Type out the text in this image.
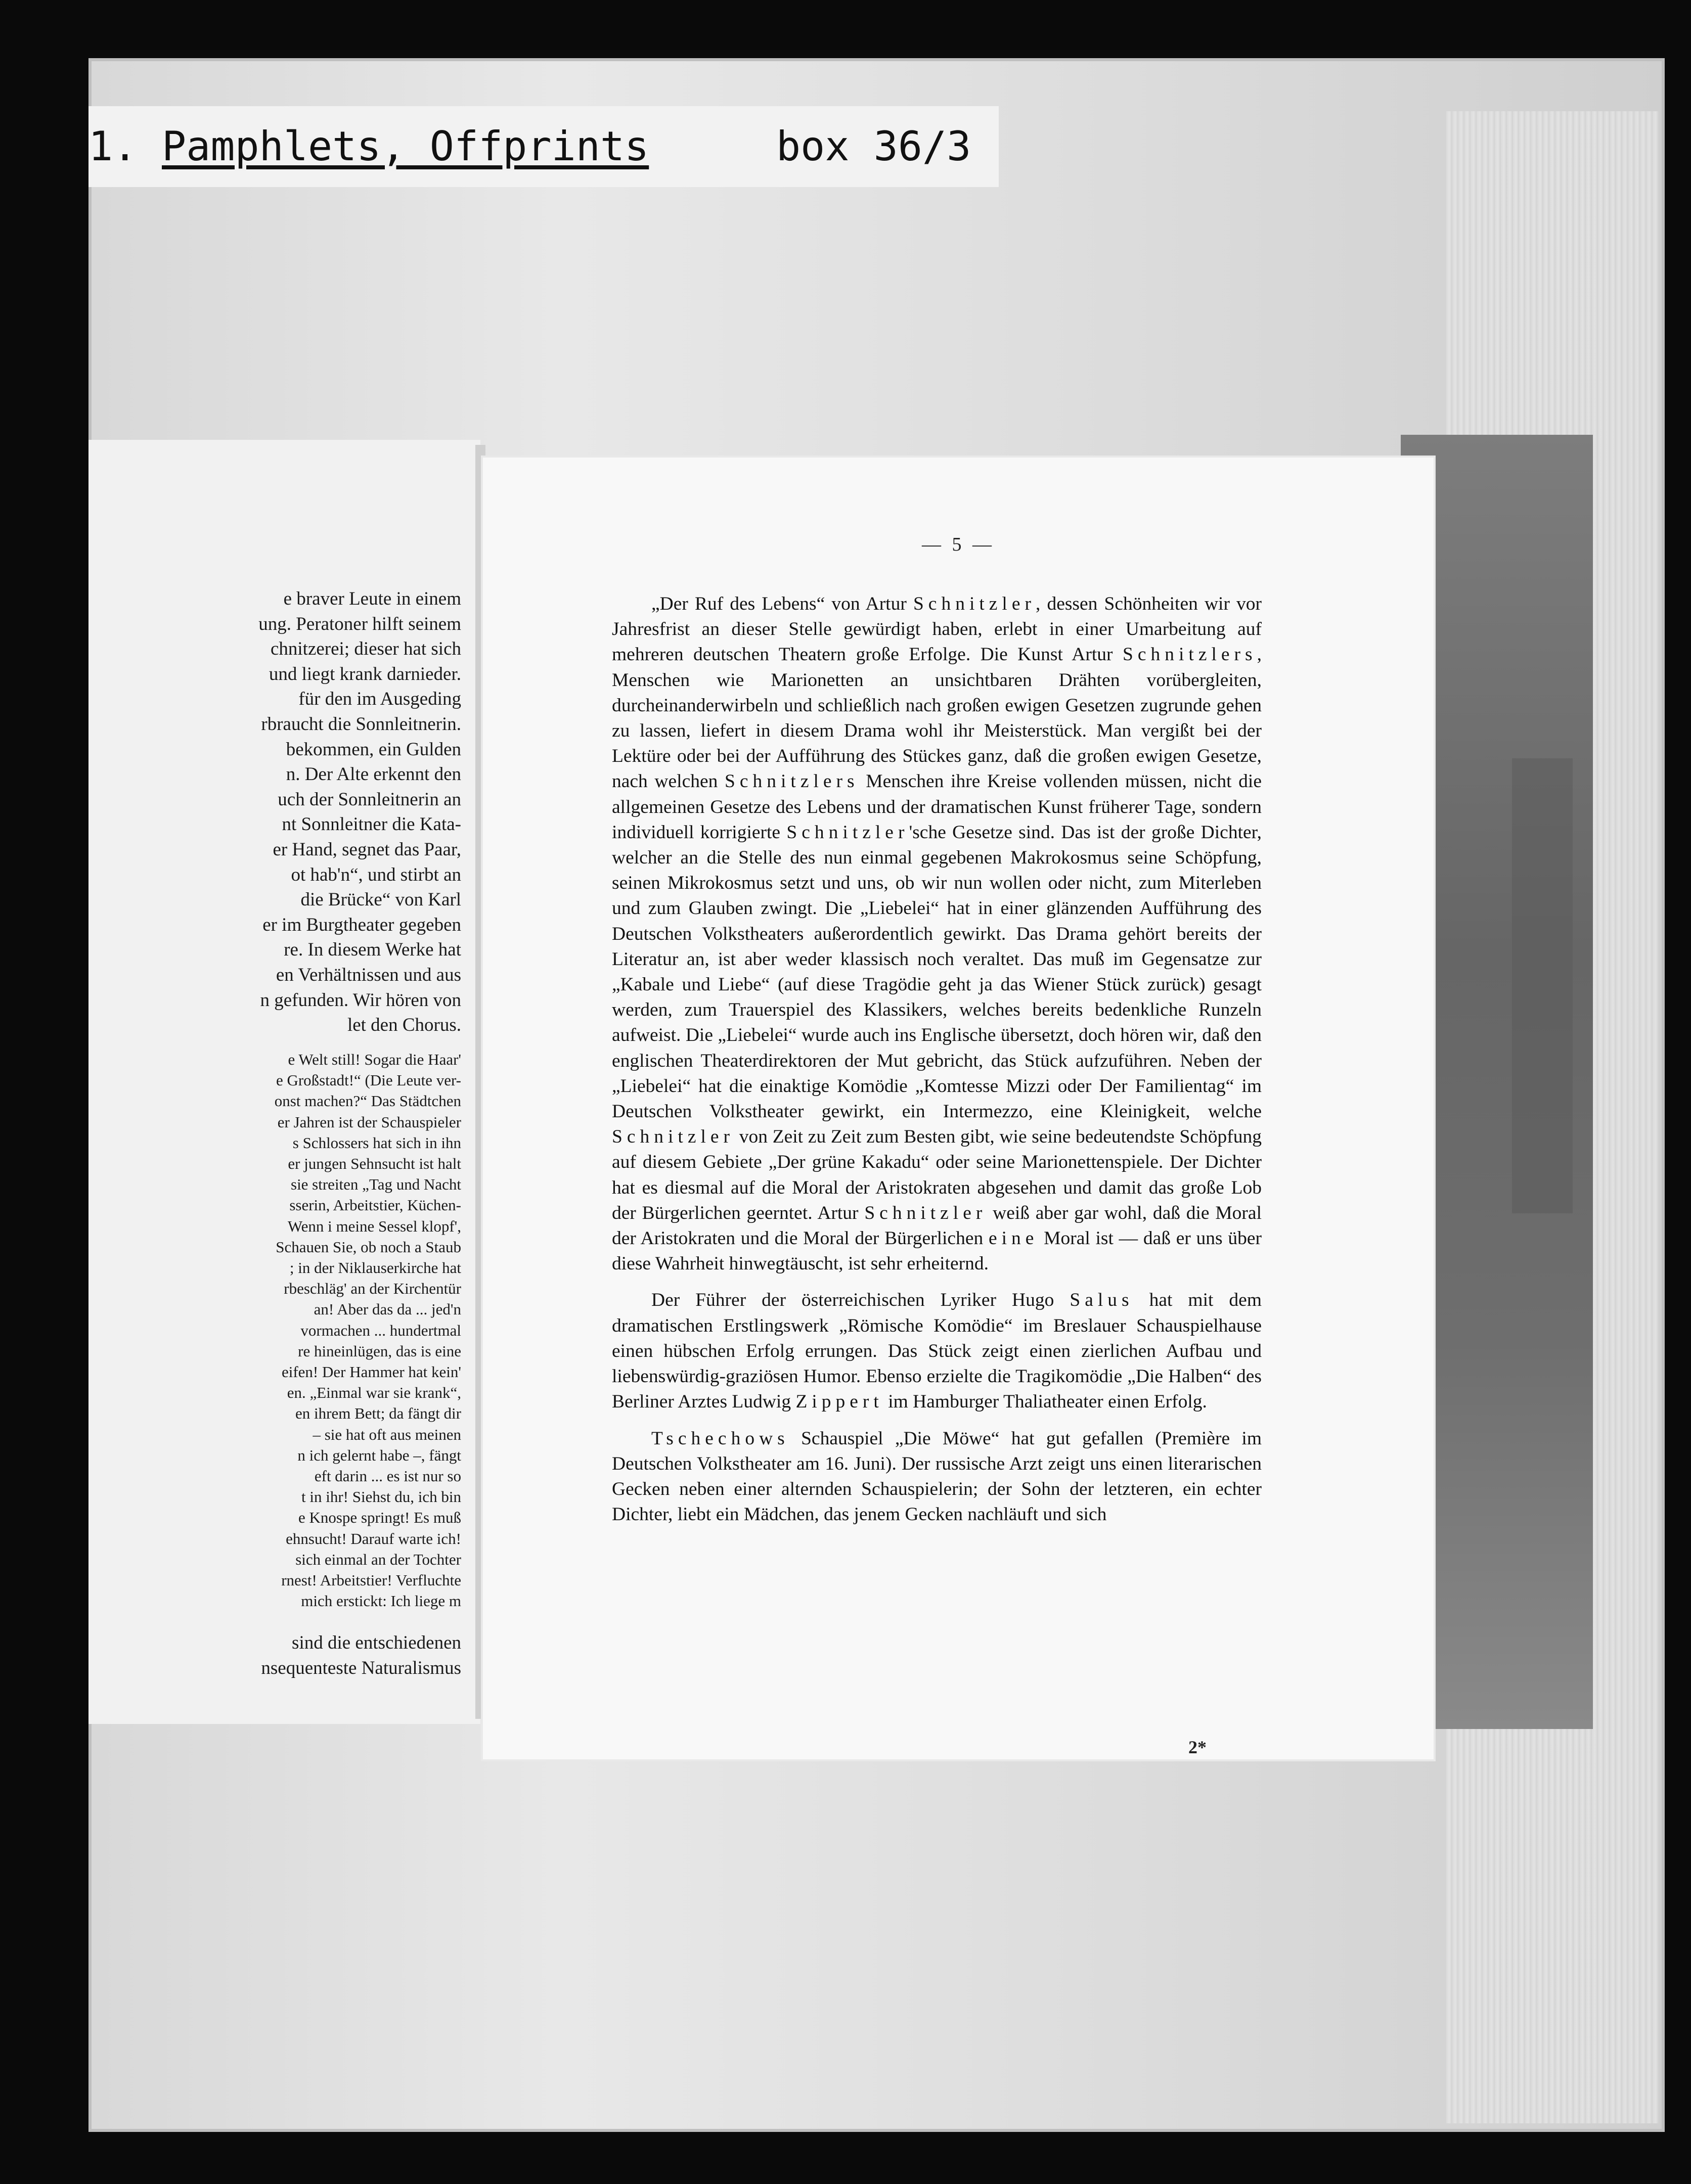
1. Pamphlets, Offprints	box 36/3
e braver Leute in einem
ung. Peratoner hilft seinem
chnitzerei; dieser hat sich
und liegt krank darnieder.
für den im Ausgeding
rbraucht die Sonnleitnerin.
bekommen, ein Gulden
n. Der Alte erkennt den
uch der Sonnleitnerin an
nt Sonnleitner die Kata-
er Hand, segnet das Paar,
ot hab'n“, und stirbt an
die Brücke“ von Karl
er im Burgtheater gegeben
re. In diesem Werke hat
en Verhältnissen und aus
n gefunden. Wir hören von
let den Chorus.
e Welt still! Sogar die Haar'
e Großstadt!“ (Die Leute ver-
onst machen?“ Das Städtchen
er Jahren ist der Schauspieler
s Schlossers hat sich in ihn
er jungen Sehnsucht ist halt
sie streiten „Tag und Nacht
sserin, Arbeitstier, Küchen-
Wenn i meine Sessel klopf',
Schauen Sie, ob noch a Staub
; in der Niklauserkirche hat
rbeschläg' an der Kirchentür
an! Aber das da ... jed'n
vormachen ... hundertmal
re hineinlügen, das is eine
eifen! Der Hammer hat kein'
en. „Einmal war sie krank“,
en ihrem Bett; da fängt dir
– sie hat oft aus meinen
n ich gelernt habe –, fängt
eft darin ... es ist nur so
t in ihr! Siehst du, ich bin
e Knospe springt! Es muß
ehnsucht! Darauf warte ich!
sich einmal an der Tochter
rnest! Arbeitstier! Verfluchte
mich erstickt: Ich liege m
sind die entschiedenen
nsequenteste Naturalismus
— 5 —

„Der Ruf des Lebens“ von Artur Schnitzler, dessen Schönheiten wir vor Jahresfrist an dieser Stelle gewürdigt haben, erlebt in einer Umarbeitung auf mehreren deutschen Theatern große Erfolge. Die Kunst Artur Schnitzlers, Menschen wie Marionetten an unsichtbaren Drähten vorübergleiten, durcheinanderwirbeln und schließlich nach großen ewigen Gesetzen zugrunde gehen zu lassen, liefert in diesem Drama wohl ihr Meisterstück. Man vergißt bei der Lektüre oder bei der Aufführung des Stückes ganz, daß die großen ewigen Gesetze, nach welchen Schnitzlers Menschen ihre Kreise vollenden müssen, nicht die allgemeinen Gesetze des Lebens und der dramatischen Kunst früherer Tage, sondern individuell korrigierte Schnitzler'sche Gesetze sind. Das ist der große Dichter, welcher an die Stelle des nun einmal gegebenen Makrokosmus seine Schöpfung, seinen Mikrokosmus setzt und uns, ob wir nun wollen oder nicht, zum Miterleben und zum Glauben zwingt. Die „Liebelei“ hat in einer glänzenden Aufführung des Deutschen Volkstheaters außerordentlich gewirkt. Das Drama gehört bereits der Literatur an, ist aber weder klassisch noch veraltet. Das muß im Gegensatze zur „Kabale und Liebe“ (auf diese Tragödie geht ja das Wiener Stück zurück) gesagt werden, zum Trauerspiel des Klassikers, welches bereits bedenkliche Runzeln aufweist. Die „Liebelei“ wurde auch ins Englische übersetzt, doch hören wir, daß den englischen Theaterdirektoren der Mut gebricht, das Stück aufzuführen. Neben der „Liebelei“ hat die einaktige Komödie „Komtesse Mizzi oder Der Familientag“ im Deutschen Volkstheater gewirkt, ein Intermezzo, eine Kleinigkeit, welche Schnitzler von Zeit zu Zeit zum Besten gibt, wie seine bedeutendste Schöpfung auf diesem Gebiete „Der grüne Kakadu“ oder seine Marionettenspiele. Der Dichter hat es diesmal auf die Moral der Aristokraten abgesehen und damit das große Lob der Bürgerlichen geerntet. Artur Schnitzler weiß aber gar wohl, daß die Moral der Aristokraten und die Moral der Bürgerlichen eine Moral ist — daß er uns über diese Wahrheit hinwegtäuscht, ist sehr erheiternd.

Der Führer der österreichischen Lyriker Hugo Salus hat mit dem dramatischen Erstlingswerk „Römische Komödie“ im Breslauer Schauspielhause einen hübschen Erfolg errungen. Das Stück zeigt einen zierlichen Aufbau und liebenswürdig-graziösen Humor. Ebenso erzielte die Tragikomödie „Die Halben“ des Berliner Arztes Ludwig Zippert im Hamburger Thaliatheater einen Erfolg.

Tschechows Schauspiel „Die Möwe“ hat gut gefallen (Première im Deutschen Volkstheater am 16. Juni). Der russische Arzt zeigt uns einen literarischen Gecken neben einer alternden Schauspielerin; der Sohn der letzteren, ein echter Dichter, liebt ein Mädchen, das jenem Gecken nachläuft und sich

2*
